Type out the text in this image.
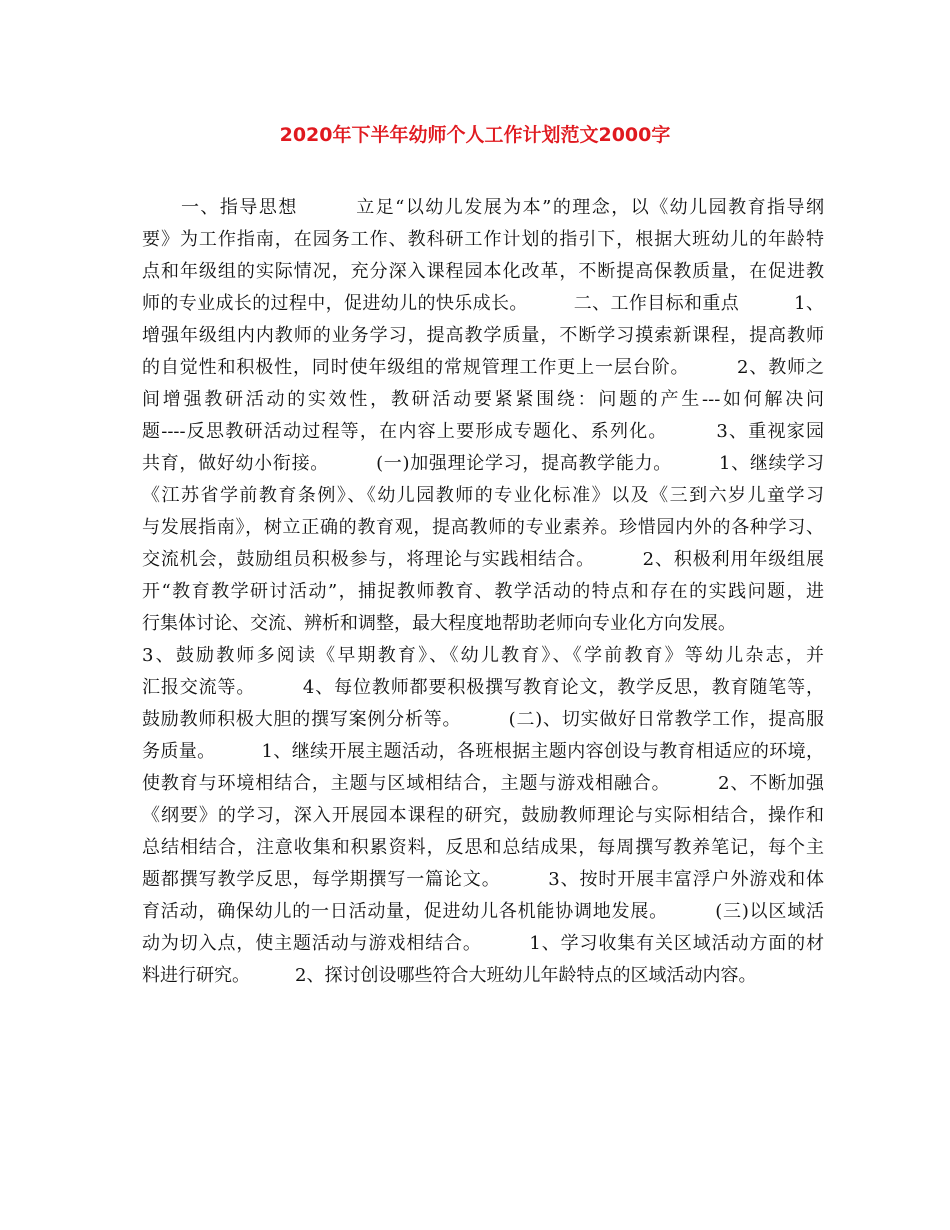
2020年下半年幼师个人工作计划范文2000字
　　一、指导思想　　　立足“以幼儿发展为本”的理念，以《幼儿园教育指导纲
要》为工作指南，在园务工作、教科研工作计划的指引下，根据大班幼儿的年龄特
点和年级组的实际情况，充分深入课程园本化改革，不断提高保教质量，在促进教
师的专业成长的过程中，促进幼儿的快乐成长。　　　二、工作目标和重点　　　1、
增强年级组内内教师的业务学习，提高教学质量，不断学习摸索新课程，提高教师
的自觉性和积极性，同时使年级组的常规管理工作更上一层台阶。　　　2、教师之
间增强教研活动的实效性，教研活动要紧紧围绕：问题的产生---如何解决问
题----反思教研活动过程等，在内容上要形成专题化、系列化。　　　3、重视家园
共育，做好幼小衔接。　　　(一)加强理论学习，提高教学能力。　　　1、继续学习
《江苏省学前教育条例》、《幼儿园教师的专业化标准》以及《三到六岁儿童学习
与发展指南》，树立正确的教育观，提高教师的专业素养。珍惜园内外的各种学习、
交流机会，鼓励组员积极参与，将理论与实践相结合。　　　2、积极利用年级组展
开“教育教学研讨活动”，捕捉教师教育、教学活动的特点和存在的实践问题，进
行集体讨论、交流、辨析和调整，最大程度地帮助老师向专业化方向发展。
3、鼓励教师多阅读《早期教育》、《幼儿教育》、《学前教育》等幼儿杂志，并
汇报交流等。　　　4、每位教师都要积极撰写教育论文，教学反思，教育随笔等，
鼓励教师积极大胆的撰写案例分析等。　　　(二)、切实做好日常教学工作，提高服
务质量。　　　1、继续开展主题活动，各班根据主题内容创设与教育相适应的环境，
使教育与环境相结合，主题与区域相结合，主题与游戏相融合。　　　2、不断加强
《纲要》的学习，深入开展园本课程的研究，鼓励教师理论与实际相结合，操作和
总结相结合，注意收集和积累资料，反思和总结成果，每周撰写教养笔记，每个主
题都撰写教学反思，每学期撰写一篇论文。　　　3、按时开展丰富浮户外游戏和体
育活动，确保幼儿的一日活动量，促进幼儿各机能协调地发展。　　　(三)以区域活
动为切入点，使主题活动与游戏相结合。　　　1、学习收集有关区域活动方面的材
料进行研究。　　　2、探讨创设哪些符合大班幼儿年龄特点的区域活动内容。
